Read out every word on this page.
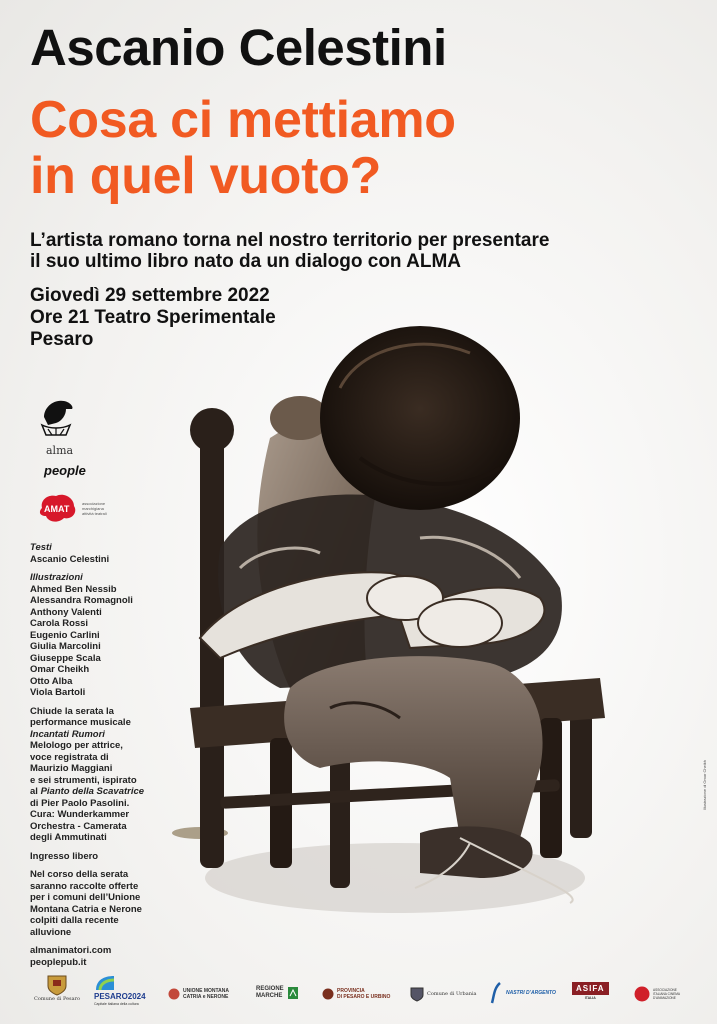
Ascanio Celestini
Cosa ci mettiamo
in quel vuoto?
L’artista romano torna nel nostro territorio per presentare
il suo ultimo libro nato da un dialogo con ALMA
Giovedì 29 settembre 2022
Ore 21 Teatro Sperimentale
Pesaro
alma
people
AMAT
associazione marchigiana attività teatrali
Testi
Ascanio Celestini
Illustrazioni
Ahmed Ben Nessib
Alessandra Romagnoli
Anthony Valenti
Carola Rossi
Eugenio Carlini
Giulia Marcolini
Giuseppe Scala
Omar Cheikh
Otto Alba
Viola Bartoli
Chiude la serata la
performance musicale
Incantati Rumori
Melologo per attrice,
voce registrata di
Maurizio Maggiani
e sei strumenti, ispirato
al Pianto della Scavatrice
di Pier Paolo Pasolini.
Cura: Wunderkammer
Orchestra - Camerata
degli Ammutinati
Ingresso libero
Nel corso della serata
saranno raccolte offerte
per i comuni dell’Unione
Montana Catria e Nerone
colpiti dalla recente
alluvione
almanimatori.com
peoplepub.it
Illustrazione di Omar Cheikh
Comune di Pesaro PESARO2024
Capitale italiana della cultura
UNIONE MONTANA
CATRIA e NERONE
REGIONE
MARCHE
PROVINCIA
DI PESARO E URBINO	Comune di Urbania	NASTRI D’ARGENTO	ASIFA
ITALIA
ASSOCIAZIONE ITALIANA CINEMA D’ANIMAZIONE
